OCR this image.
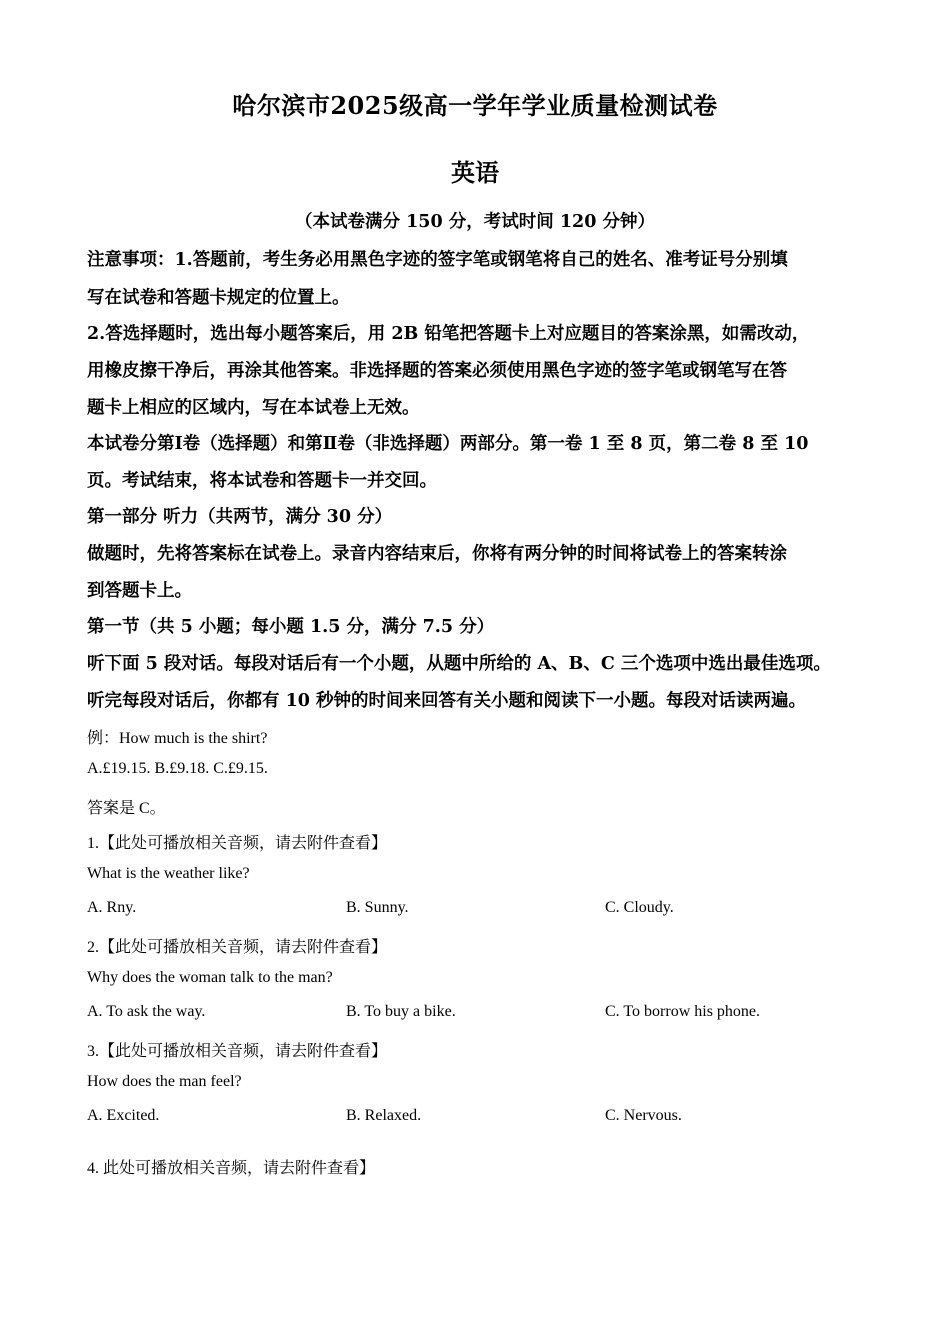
哈尔滨市2025级高一学年学业质量检测试卷
英语
（本试卷满分 150 分，考试时间 120 分钟）
注意事项：1.答题前，考生务必用黑色字迹的签字笔或钢笔将自己的姓名、准考证号分别填
写在试卷和答题卡规定的位置上。
2.答选择题时，选出每小题答案后，用 2B 铅笔把答题卡上对应题目的答案涂黑，如需改动，
用橡皮擦干净后，再涂其他答案。非选择题的答案必须使用黑色字迹的签字笔或钢笔写在答
题卡上相应的区域内，写在本试卷上无效。
本试卷分第Ⅰ卷（选择题）和第Ⅱ卷（非选择题）两部分。第一卷 1 至 8 页，第二卷 8 至 10
页。考试结束，将本试卷和答题卡一并交回。
第一部分 听力（共两节，满分 30 分）
做题时，先将答案标在试卷上。录音内容结束后，你将有两分钟的时间将试卷上的答案转涂
到答题卡上。
第一节（共 5 小题；每小题 1.5 分，满分 7.5 分）
听下面 5 段对话。每段对话后有一个小题，从题中所给的 A、B、C 三个选项中选出最佳选项。
听完每段对话后，你都有 10 秒钟的时间来回答有关小题和阅读下一小题。每段对话读两遍。
例：How much is the shirt?
A.£19.15. B.£9.18. C.£9.15.
答案是 C。
1.【此处可播放相关音频，请去附件查看】
What is the weather like?
A. Rny.	B. Sunny.	C. Cloudy.
2.【此处可播放相关音频，请去附件查看】
Why does the woman talk to the man?
A. To ask the way.	B. To buy a bike.	C. To borrow his phone.
3.【此处可播放相关音频，请去附件查看】
How does the man feel?
A. Excited.	B. Relaxed.	C. Nervous.
4. 此处可播放相关音频，请去附件查看】
